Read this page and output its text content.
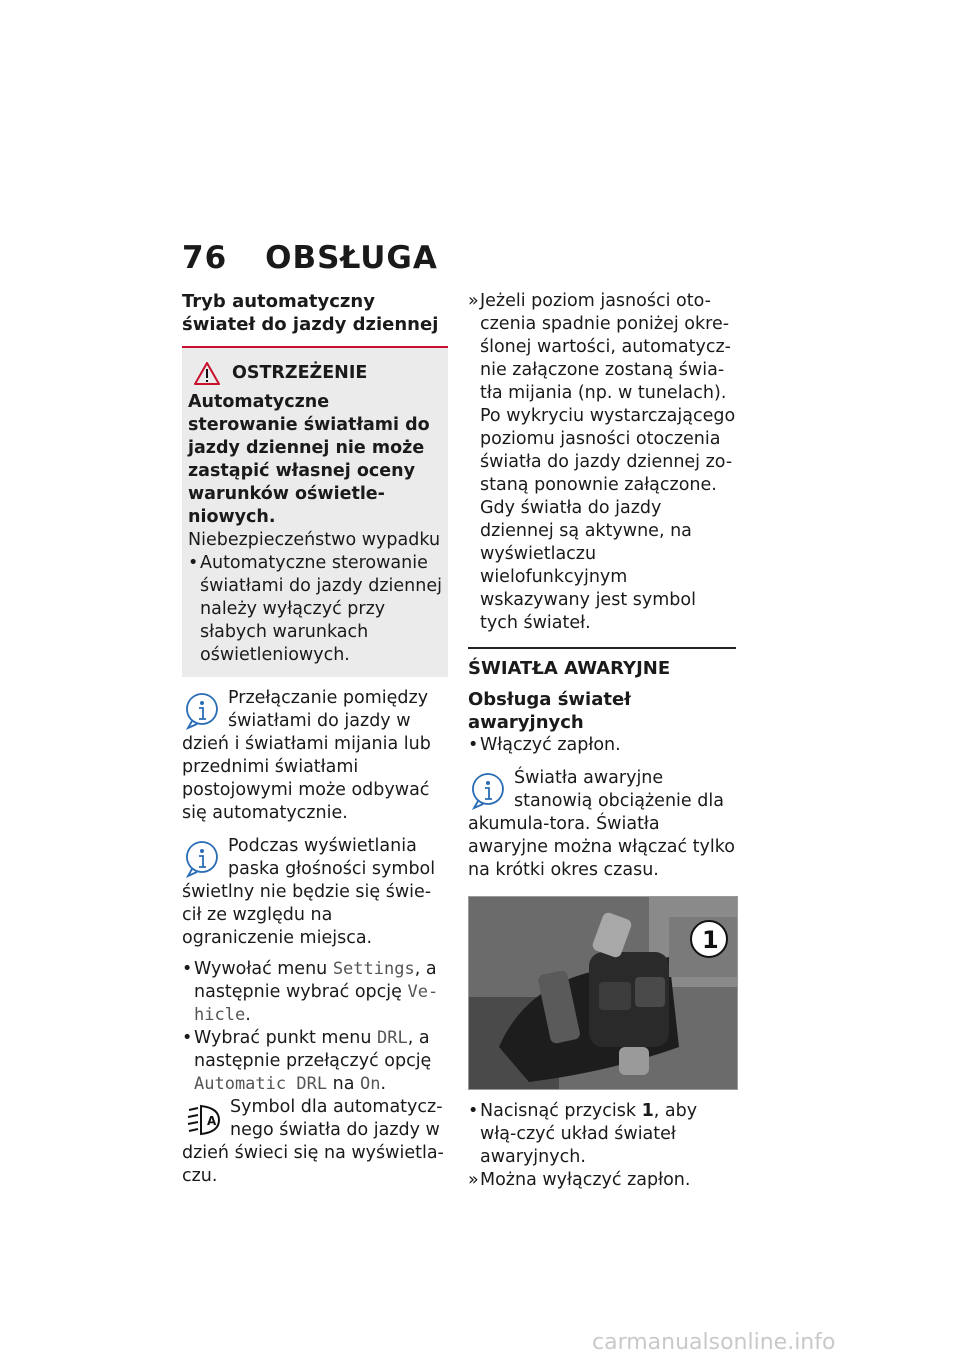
76 OBSŁUGA

Tryb automatyczny świateł do jazdy dziennej

OSTRZEŻENIE

Automatyczne sterowanie światłami do jazdy dziennej nie może zastąpić własnej oceny warunków oświetle-niowych.

Niebezpieczeństwo wypadku

• Automatyczne sterowanie światłami do jazdy dziennej należy wyłączyć przy słabych warunkach oświetleniowych.

Przełączanie pomiędzy światłami do jazdy w dzień i światłami mijania lub przednimi światłami postojowymi może odbywać się automatycznie.

Podczas wyświetlania paska głośności symbol świetlny nie będzie się świe-cił ze względu na ograniczenie miejsca.

• Wywołać menu Settings, a następnie wybrać opcję Ve-hicle.
• Wybrać punkt menu DRL, a następnie przełączyć opcję Automatic DRL na On.
A

Symbol dla automatycz-nego światła do jazdy w dzień świeci się na wyświetla-czu.

» Jeżeli poziom jasności oto-czenia spadnie poniżej okre-ślonej wartości, automatycz-nie załączone zostaną świa-tła mijania (np. w tunelach). Po wykryciu wystarczającego poziomu jasności otoczenia światła do jazdy dziennej zo-staną ponownie załączone. Gdy światła do jazdy dziennej są aktywne, na wyświetlaczu wielofunkcyjnym wskazywany jest symbol tych świateł.

ŚWIATŁA AWARYJNE

Obsługa świateł awaryjnych

• Włączyć zapłon.

Światła awaryjne stanowią obciążenie dla akumula-tora. Światła awaryjne można włączać tylko na krótki okres czasu.

1
• Nacisnąć przycisk 1, aby włą-czyć układ świateł awaryjnych.
» Można wyłączyć zapłon.
carmanualsonline.info
